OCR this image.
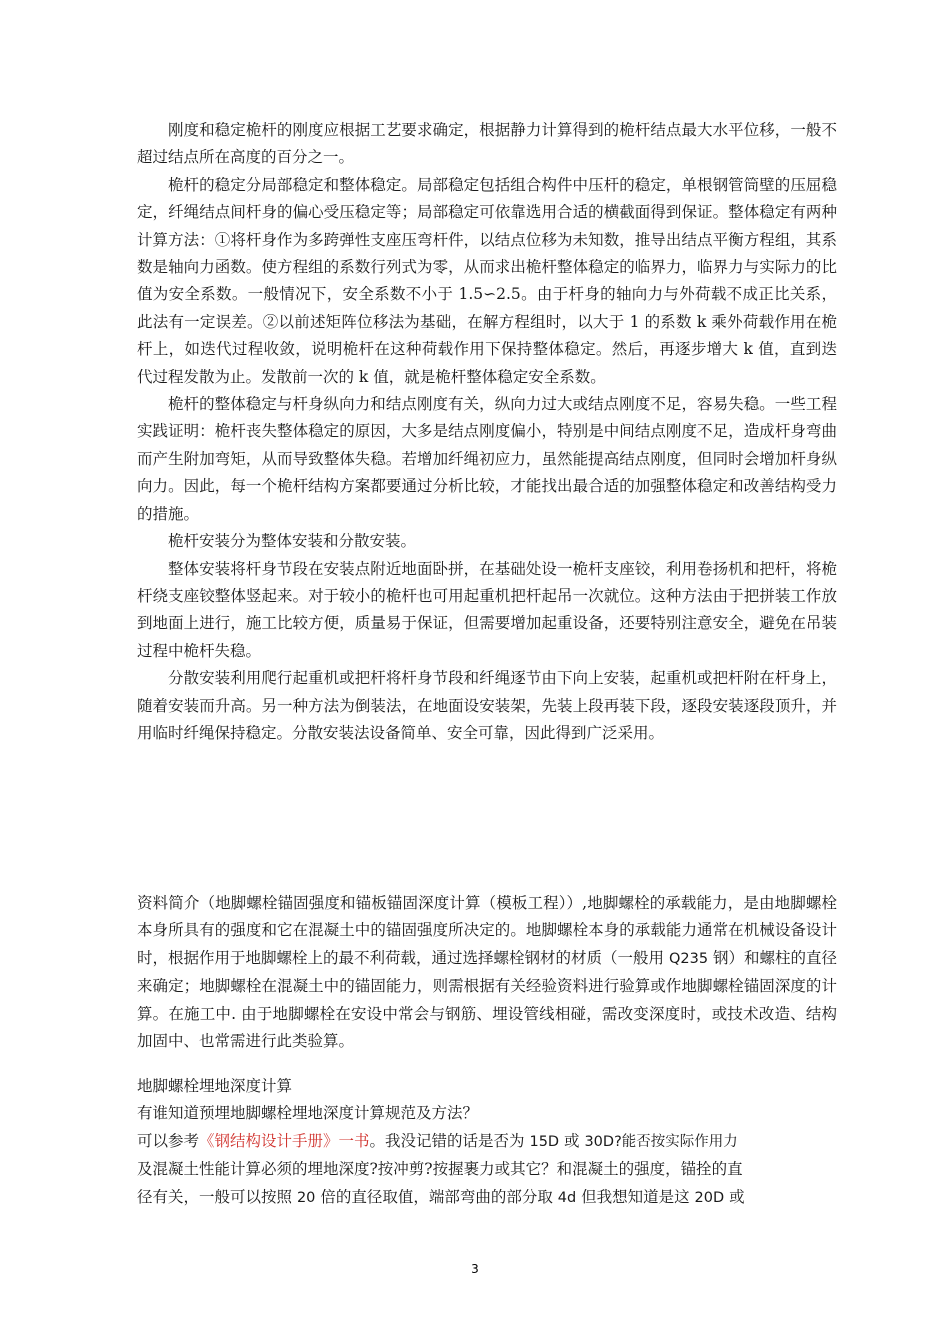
刚度和稳定桅杆的刚度应根据工艺要求确定，根据静力计算得到的桅杆结点最大水平位移，一般不超过结点所在高度的百分之一。

桅杆的稳定分局部稳定和整体稳定。局部稳定包括组合构件中压杆的稳定，单根钢管筒壁的压屈稳定，纤绳结点间杆身的偏心受压稳定等；局部稳定可依靠选用合适的横截面得到保证。整体稳定有两种计算方法：①将杆身作为多跨弹性支座压弯杆件，以结点位移为未知数，推导出结点平衡方程组，其系数是轴向力函数。使方程组的系数行列式为零，从而求出桅杆整体稳定的临界力，临界力与实际力的比值为安全系数。一般情况下，安全系数不小于 1.5∽2.5。由于杆身的轴向力与外荷载不成正比关系，此法有一定误差。②以前述矩阵位移法为基础，在解方程组时，以大于 1 的系数 k 乘外荷载作用在桅杆上，如迭代过程收敛，说明桅杆在这种荷载作用下保持整体稳定。然后，再逐步增大 k 值，直到迭代过程发散为止。发散前一次的 k 值，就是桅杆整体稳定安全系数。

桅杆的整体稳定与杆身纵向力和结点刚度有关，纵向力过大或结点刚度不足，容易失稳。一些工程实践证明：桅杆丧失整体稳定的原因，大多是结点刚度偏小，特别是中间结点刚度不足，造成杆身弯曲而产生附加弯矩，从而导致整体失稳。若增加纤绳初应力，虽然能提高结点刚度，但同时会增加杆身纵向力。因此，每一个桅杆结构方案都要通过分析比较，才能找出最合适的加强整体稳定和改善结构受力的措施。

桅杆安装分为整体安装和分散安装。

整体安装将杆身节段在安装点附近地面卧拼，在基础处设一桅杆支座铰，利用卷扬机和把杆，将桅杆绕支座铰整体竖起来。对于较小的桅杆也可用起重机把杆起吊一次就位。这种方法由于把拼装工作放到地面上进行，施工比较方便，质量易于保证，但需要增加起重设备，还要特别注意安全，避免在吊装过程中桅杆失稳。

分散安装利用爬行起重机或把杆将杆身节段和纤绳逐节由下向上安装，起重机或把杆附在杆身上，随着安装而升高。另一种方法为倒装法，在地面设安装架，先装上段再装下段，逐段安装逐段顶升，并用临时纤绳保持稳定。分散安装法设备简单、安全可靠，因此得到广泛采用。

资料简介（地脚螺栓锚固强度和锚板锚固深度计算（模板工程））,地脚螺栓的承载能力，是由地脚螺栓本身所具有的强度和它在混凝土中的锚固强度所决定的。地脚螺栓本身的承载能力通常在机械设备设计时，根据作用于地脚螺栓上的最不利荷载，通过选择螺栓钢材的材质（一般用 Q235 钢）和螺柱的直径来确定；地脚螺栓在混凝土中的锚固能力，则需根据有关经验资料进行验算或作地脚螺栓锚固深度的计算。在施工中. 由于地脚螺栓在安设中常会与钢筋、埋设管线相碰，需改变深度时，或技术改造、结构加固中、也常需进行此类验算。

地脚螺栓埋地深度计算

有谁知道预埋地脚螺栓埋地深度计算规范及方法？

可以参考《钢结构设计手册》一书。我没记错的话是否为 15D 或 30D?能否按实际作用力

及混凝土性能计算必须的埋地深度?按冲剪?按握裹力或其它？和混凝土的强度，锚拴的直

径有关，一般可以按照 20 倍的直径取值，端部弯曲的部分取 4d 但我想知道是这 20D 或

3
